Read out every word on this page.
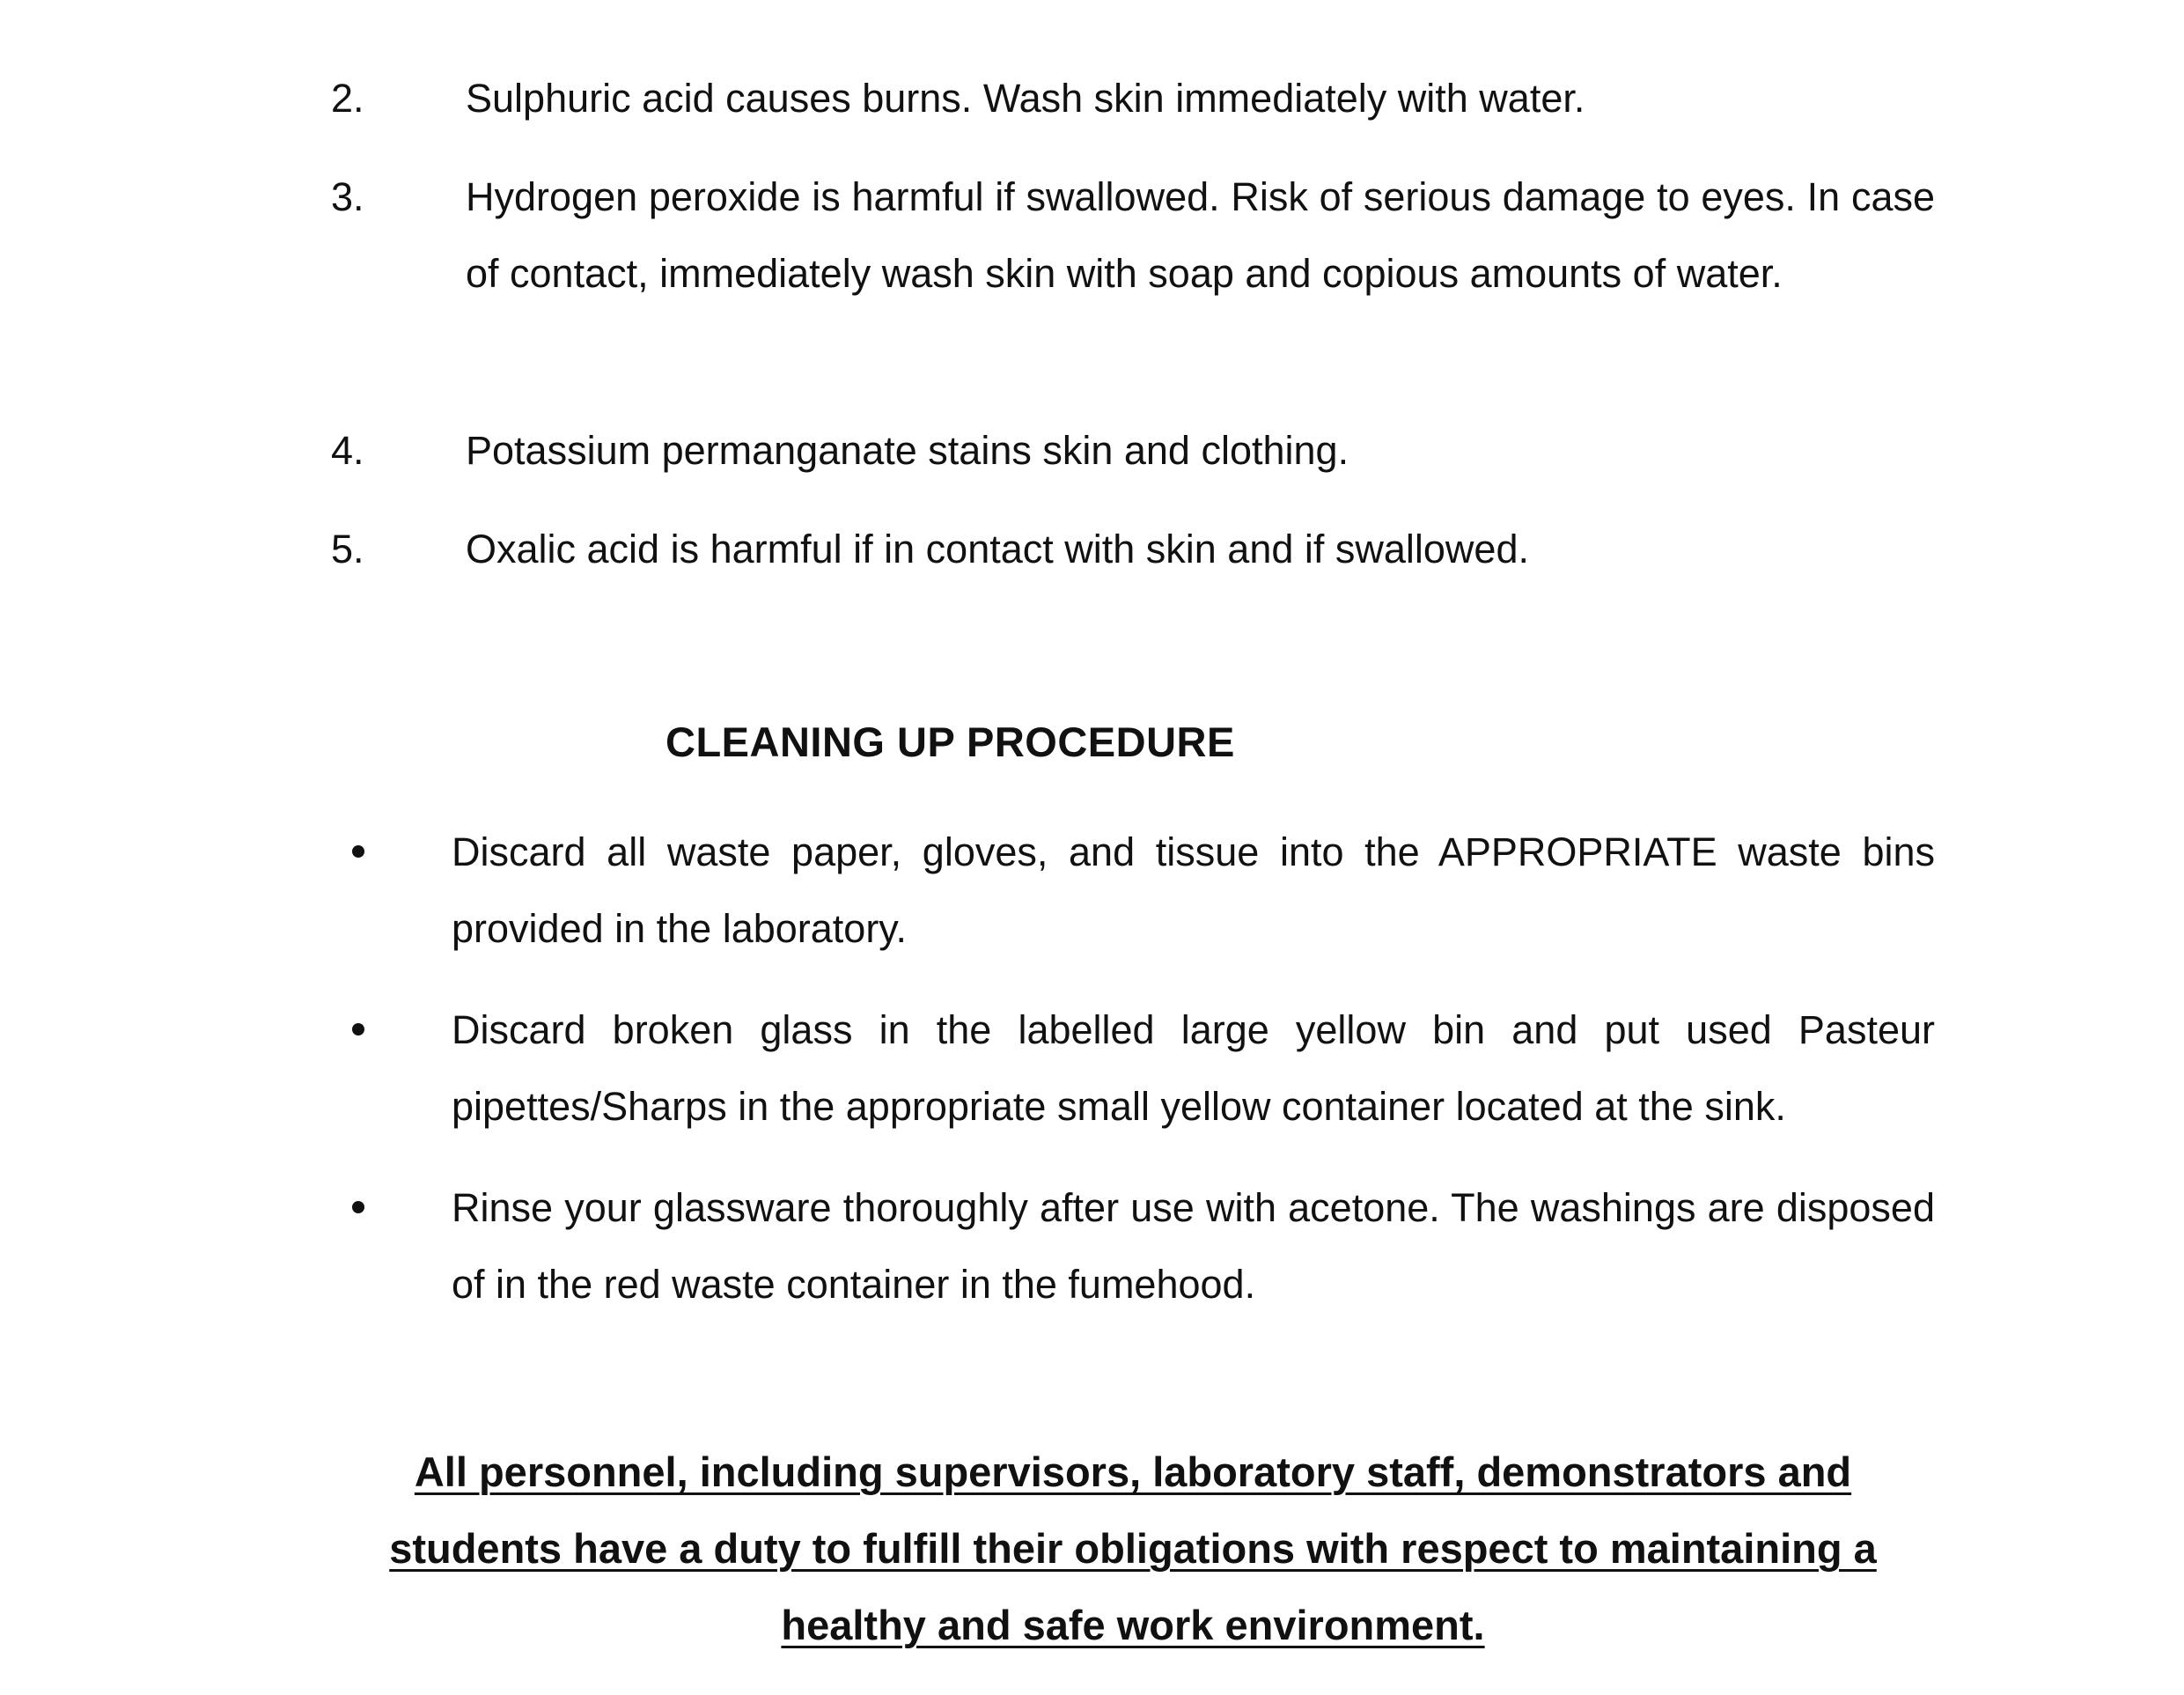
2.	Sulphuric acid causes burns. Wash skin immediately with water.
3.	Hydrogen peroxide is harmful if swallowed. Risk of serious damage to eyes. In case of contact, immediately wash skin with soap and copious amounts of water.
4.	Potassium permanganate stains skin and clothing.
5.	Oxalic acid is harmful if in contact with skin and if swallowed.
CLEANING UP PROCEDURE
Discard all waste paper, gloves, and tissue into the APPROPRIATE waste bins provided in the laboratory.
Discard broken glass in the labelled large yellow bin and put used Pasteur pipettes/Sharps in the appropriate small yellow container located at the sink.
Rinse your glassware thoroughly after use with acetone. The washings are disposed of in the red waste container in the fumehood.
All personnel, including supervisors, laboratory staff, demonstrators and students have a duty to fulfill their obligations with respect to maintaining a healthy and safe work environment.
